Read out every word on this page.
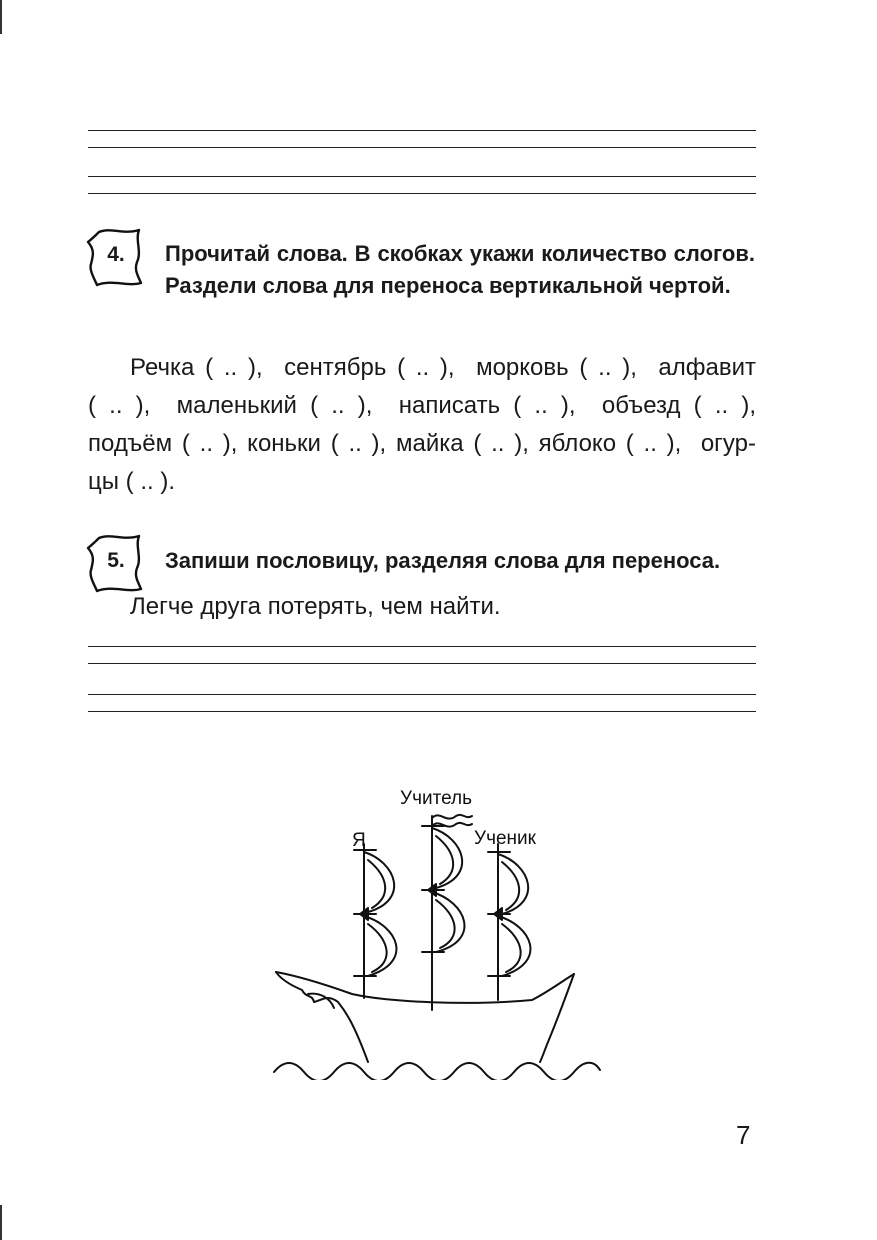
4.	Прочитай слова. В скобках укажи количество слогов. Раздели слова для переноса вертикальной чертой.
Речка ( .. ),  сентябрь ( .. ),  морковь ( .. ),  алфавит
( .. ),  маленький ( .. ),  написать ( .. ),  объезд ( .. ),
подъём ( .. ), коньки ( .. ), майка ( .. ), яблоко ( .. ),  огур-
цы ( .. ).
5.	Запиши пословицу, разделяя слова для переноса.
Легче друга потерять, чем найти.
Учитель
Я	Ученик
7
